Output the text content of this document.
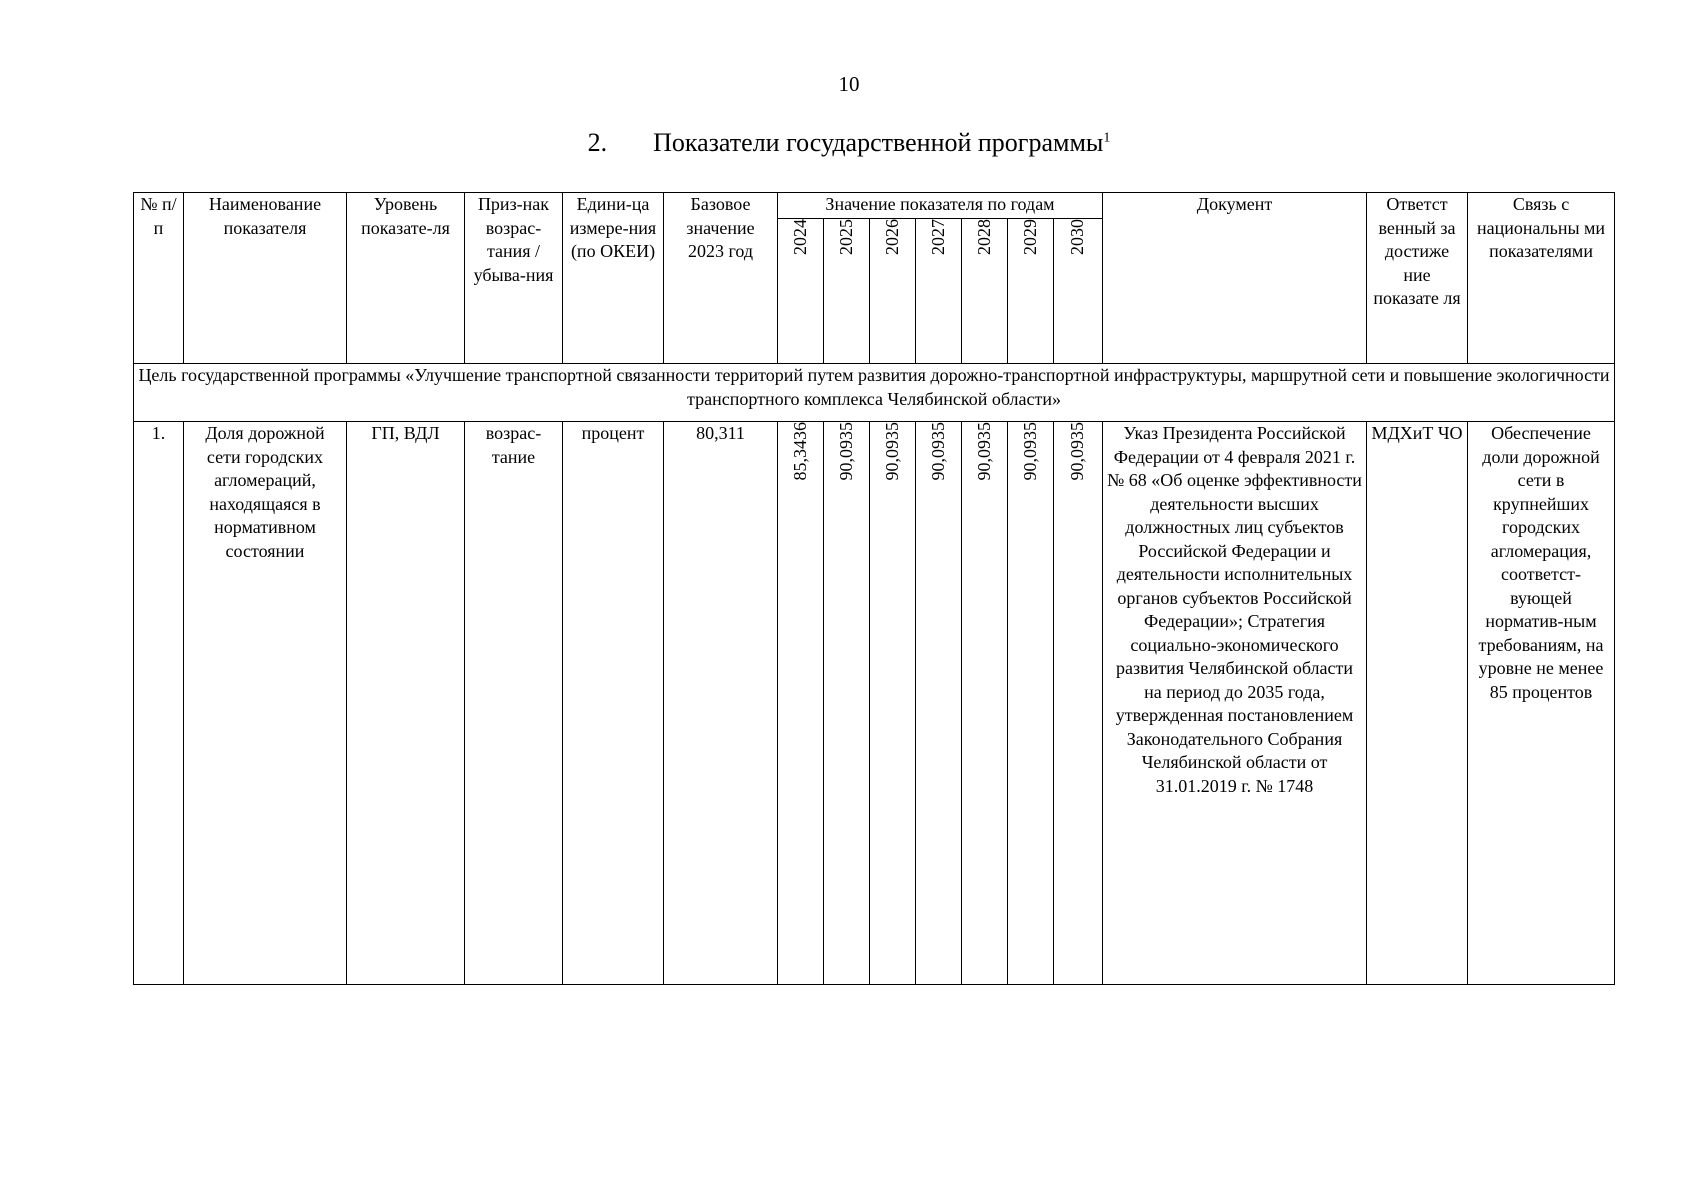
10
2. Показатели государственной программы$^1$
№ п/п	Наименование показателя	Уровень показате-ля	Приз-нак возрас-тания / убыва-ния	Едини-ца измере-ния (по ОКЕИ)	Базовое значение 2023 год	Значение показателя по годам							Документ	Ответст венный за достиже ние показате ля	Связь с национальны ми показателями
						2024	2025	2026	2027	2028	2029	2030			
Цель государственной программы «Улучшение транспортной связанности территорий путем развития дорожно-транспортной инфраструктуры, маршрутной сети и повышение экологичности транспортного комплекса Челябинской области»															
1.	Доля дорожной сети городских агломераций, находящаяся в нормативном состоянии	ГП, ВДЛ	возрас-тание	процент	80,311	85,3436	90,0935	90,0935	90,0935	90,0935	90,0935	90,0935	Указ Президента Российской Федерации от 4 февраля 2021 г. № 68 «Об оценке эффективности деятельности высших должностных лиц субъектов Российской Федерации и деятельности исполнительных органов субъектов Российской Федерации»; Стратегия социально-экономического развития Челябинской области на период до 2035 года, утвержденная постановлением Законодательного Собрания Челябинской области от 31.01.2019 г. № 1748	МДХиТ ЧО	Обеспечение доли дорожной сети в крупнейших городских агломерация, соответст-вующей норматив-ным требованиям, на уровне не менее 85 процентов
